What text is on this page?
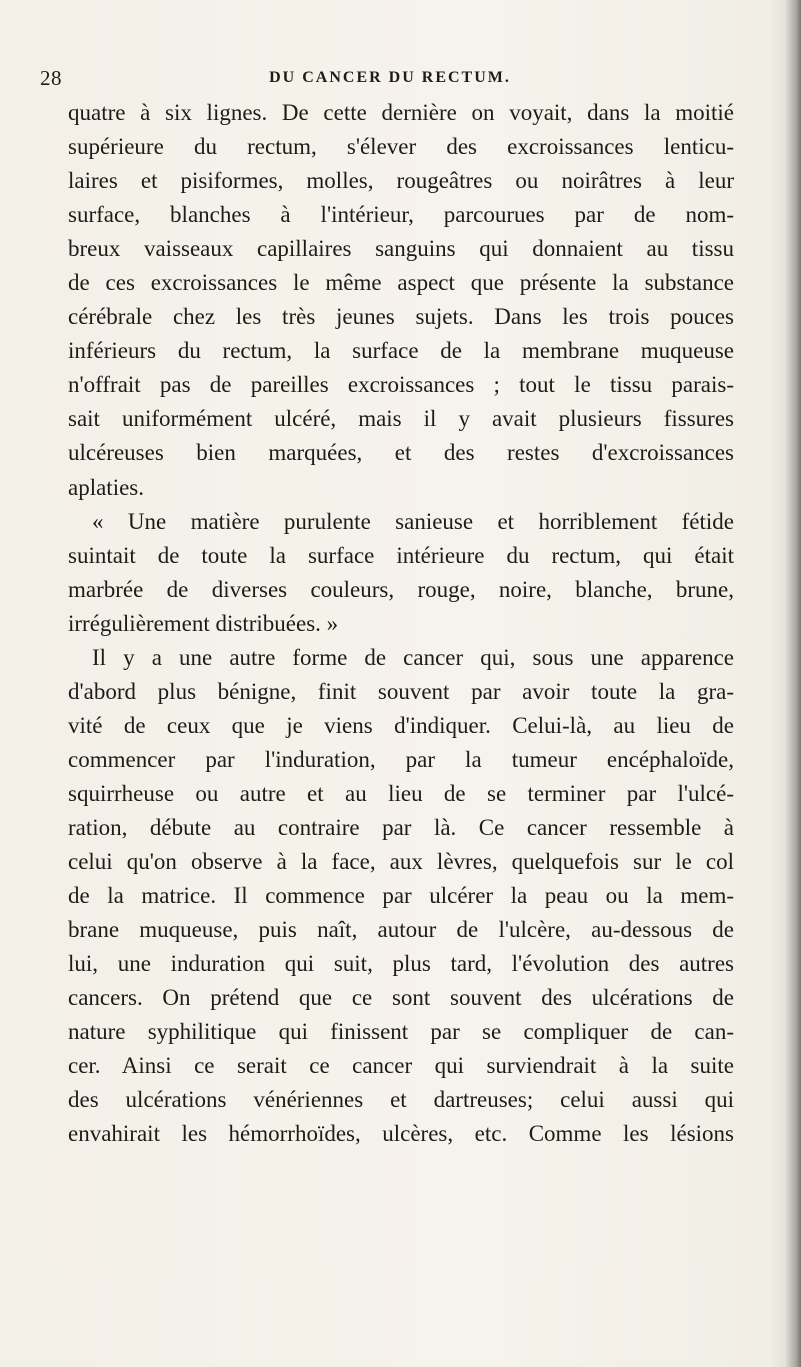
28	DU CANCER DU RECTUM.
quatre à six lignes. De cette dernière on voyait, dans la moitié
supérieure du rectum, s'élever des excroissances lenticu-
laires et pisiformes, molles, rougeâtres ou noirâtres à leur
surface, blanches à l'intérieur, parcourues par de nom-
breux vaisseaux capillaires sanguins qui donnaient au tissu
de ces excroissances le même aspect que présente la substance
cérébrale chez les très jeunes sujets. Dans les trois pouces
inférieurs du rectum, la surface de la membrane muqueuse
n'offrait pas de pareilles excroissances ; tout le tissu parais-
sait uniformément ulcéré, mais il y avait plusieurs fissures
ulcéreuses bien marquées, et des restes d'excroissances
aplaties.
« Une matière purulente sanieuse et horriblement fétide
suintait de toute la surface intérieure du rectum, qui était
marbrée de diverses couleurs, rouge, noire, blanche, brune,
irrégulièrement distribuées. »
Il y a une autre forme de cancer qui, sous une apparence
d'abord plus bénigne, finit souvent par avoir toute la gra-
vité de ceux que je viens d'indiquer. Celui-là, au lieu de
commencer par l'induration, par la tumeur encéphaloïde,
squirrheuse ou autre et au lieu de se terminer par l'ulcé-
ration, débute au contraire par là. Ce cancer ressemble à
celui qu'on observe à la face, aux lèvres, quelquefois sur le col
de la matrice. Il commence par ulcérer la peau ou la mem-
brane muqueuse, puis naît, autour de l'ulcère, au-dessous de
lui, une induration qui suit, plus tard, l'évolution des autres
cancers. On prétend que ce sont souvent des ulcérations de
nature syphilitique qui finissent par se compliquer de can-
cer. Ainsi ce serait ce cancer qui surviendrait à la suite
des ulcérations vénériennes et dartreuses; celui aussi qui
envahirait les hémorrhoïdes, ulcères, etc. Comme les lésions
